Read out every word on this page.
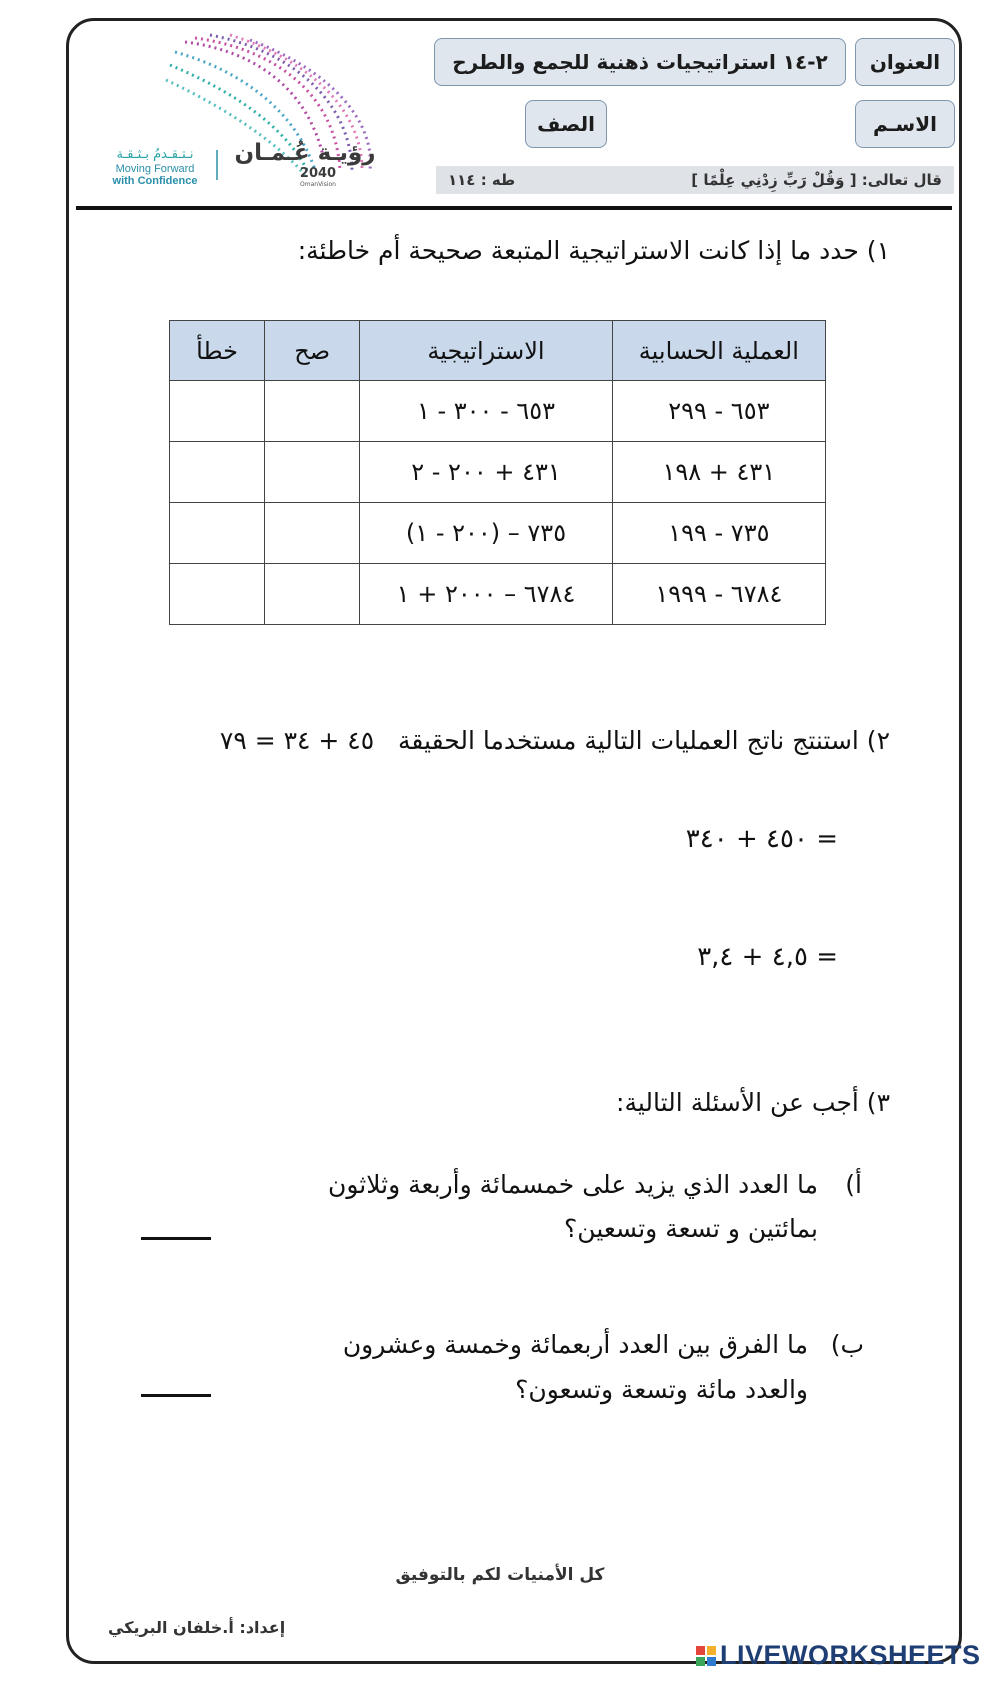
العنوان
٢-١٤ استراتيجيات ذهنية للجمع والطرح
الاسـم
الصف
قال تعالى: [ وَقُلْ رَبِّ زِدْنِي عِلْمًا ]
طه : ١١٤
رؤيـة عُـمـان
2040
OmanVision
نـتـقـدمُ بـثـقـة
Moving Forward
with Confidence
١) حدد ما إذا كانت الاستراتيجية المتبعة صحيحة أم خاطئة:
العملية الحسابية	الاستراتيجية	صح	خطأ
٦٥٣ - ٢٩٩	٦٥٣ - ٣٠٠ - ١		
٤٣١ + ١٩٨	٤٣١ + ٢٠٠ - ٢		
٧٣٥ - ١٩٩	٧٣٥ – (٢٠٠ - ١)		
٦٧٨٤ - ١٩٩٩	٦٧٨٤ – ٢٠٠٠ + ١		
٢) استنتج ناتج العمليات التالية مستخدما الحقيقة   ٤٥ + ٣٤ = ٧٩
٤٥٠ + ٣٤٠ =
٤,٥ + ٣,٤ =
٣) أجب عن الأسئلة التالية:
أ)
ما العدد الذي يزيد على خمسمائة وأربعة وثلاثون
بمائتين و تسعة وتسعين؟
ب)
ما الفرق بين العدد أربعمائة وخمسة وعشرون
والعدد مائة وتسعة وتسعون؟
كل الأمنيات لكم بالتوفيق
إعداد: أ.خلفان البريكي
LIVEWORKSHEETS
